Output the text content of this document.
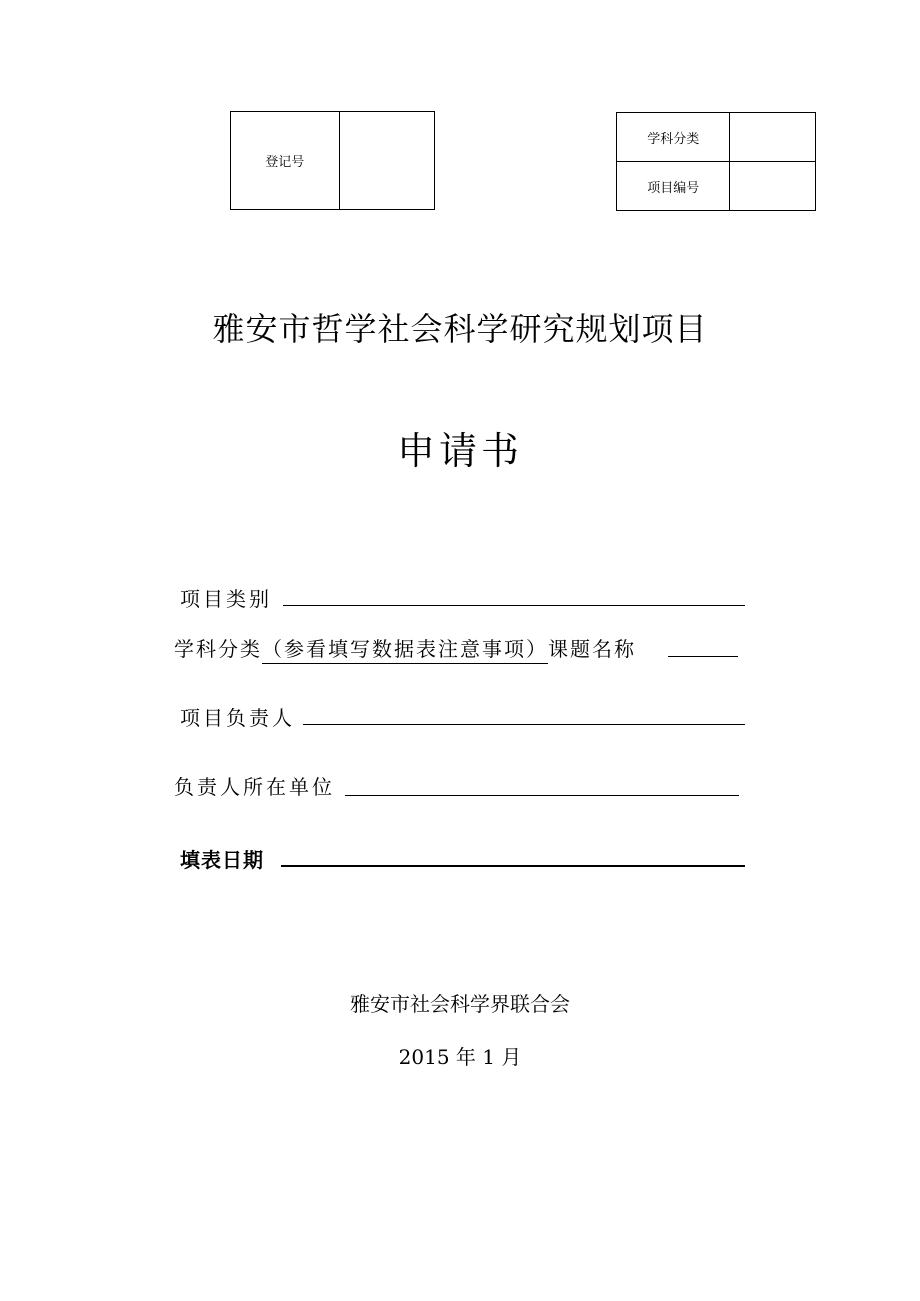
登记号	
学科分类	
项目编号	
雅安市哲学社会科学研究规划项目
申请书
项目类别
学科分类（参看填写数据表注意事项）课题名称
项目负责人
负责人所在单位
填表日期
雅安市社会科学界联合会
2015 年 1 月
